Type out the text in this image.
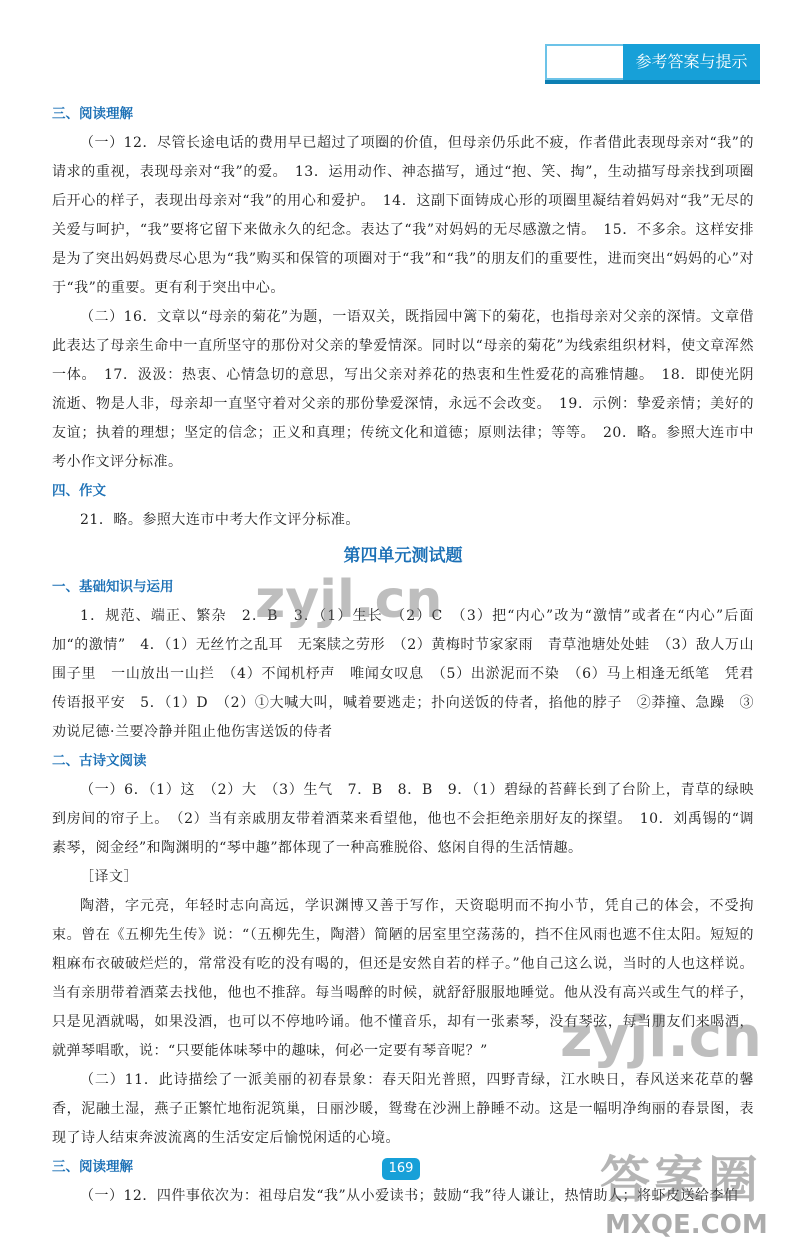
参考答案与提示

三、阅读理解

（一）12．尽管长途电话的费用早已超过了项圈的价值，但母亲仍乐此不疲，作者借此表现母亲对“我”的请求的重视，表现母亲对“我”的爱。　13．运用动作、神态描写，通过“抱、笑、掏”，生动描写母亲找到项圈后开心的样子，表现出母亲对“我”的用心和爱护。　14．这副下面铸成心形的项圈里凝结着妈妈对“我”无尽的关爱与呵护，“我”要将它留下来做永久的纪念。表达了“我”对妈妈的无尽感激之情。　15．不多余。这样安排是为了突出妈妈费尽心思为“我”购买和保管的项圈对于“我”和“我”的朋友们的重要性，进而突出“妈妈的心”对于“我”的重要。更有利于突出中心。

（二）16．文章以“母亲的菊花”为题，一语双关，既指园中篱下的菊花，也指母亲对父亲的深情。文章借此表达了母亲生命中一直所坚守的那份对父亲的挚爱情深。同时以“母亲的菊花”为线索组织材料，使文章浑然一体。　17．汲汲：热衷、心情急切的意思，写出父亲对养花的热衷和生性爱花的高雅情趣。　18．即使光阴流逝、物是人非，母亲却一直坚守着对父亲的那份挚爱深情，永远不会改变。　19．示例：挚爱亲情；美好的友谊；执着的理想；坚定的信念；正义和真理；传统文化和道德；原则法律；等等。　20．略。参照大连市中考小作文评分标准。

四、作文

21．略。参照大连市中考大作文评分标准。

第四单元测试题

一、基础知识与运用

1．规范、端正、繁杂　2．B　3．（1）生长　（2）C　（3）把“内心”改为“激情”或者在“内心”后面加“的激情”　4．（1）无丝竹之乱耳　无案牍之劳形　（2）黄梅时节家家雨　青草池塘处处蛙　（3）敌人万山围子里　一山放出一山拦　（4）不闻机杼声　唯闻女叹息　（5）出淤泥而不染　（6）马上相逢无纸笔　凭君传语报平安　5．（1）D　（2）①大喊大叫，喊着要逃走；扑向送饭的侍者，掐他的脖子　②莽撞、急躁　③劝说尼德·兰要冷静并阻止他伤害送饭的侍者

二、古诗文阅读

（一）6．（1）这　（2）大　（3）生气　7．B　8．B　9．（1）碧绿的苔藓长到了台阶上，青草的绿映到房间的帘子上。　（2）当有亲戚朋友带着酒菜来看望他，他也不会拒绝亲朋好友的探望。　10．刘禹锡的“调素琴，阅金经”和陶渊明的“琴中趣”都体现了一种高雅脱俗、悠闲自得的生活情趣。

［译文］

陶潜，字元亮，年轻时志向高远，学识渊博又善于写作，天资聪明而不拘小节，凭自己的体会，不受拘束。曾在《五柳先生传》说：“（五柳先生，陶潜）简陋的居室里空荡荡的，挡不住风雨也遮不住太阳。短短的粗麻布衣破破烂烂的，常常没有吃的没有喝的，但还是安然自若的样子。”他自己这么说，当时的人也这样说。当有亲朋带着酒菜去找他，他也不推辞。每当喝醉的时候，就舒舒服服地睡觉。他从没有高兴或生气的样子，只是见酒就喝，如果没酒，也可以不停地吟诵。他不懂音乐，却有一张素琴，没有琴弦，每当朋友们来喝酒，就弹琴唱歌，说：“只要能体味琴中的趣味，何必一定要有琴音呢？”

（二）11．此诗描绘了一派美丽的初春景象：春天阳光普照，四野青绿，江水映日，春风送来花草的馨香，泥融土湿，燕子正繁忙地衔泥筑巢，日丽沙暖，鸳鸯在沙洲上静睡不动。这是一幅明净绚丽的春景图，表现了诗人结束奔波流离的生活安定后愉悦闲适的心境。

三、阅读理解

（一）12．四件事依次为：祖母启发“我”从小爱读书；鼓励“我”待人谦让，热情助人；将虾皮送给李伯

169
zyjl.cn
zyjl.cn
答案圈
MXQE.COM
